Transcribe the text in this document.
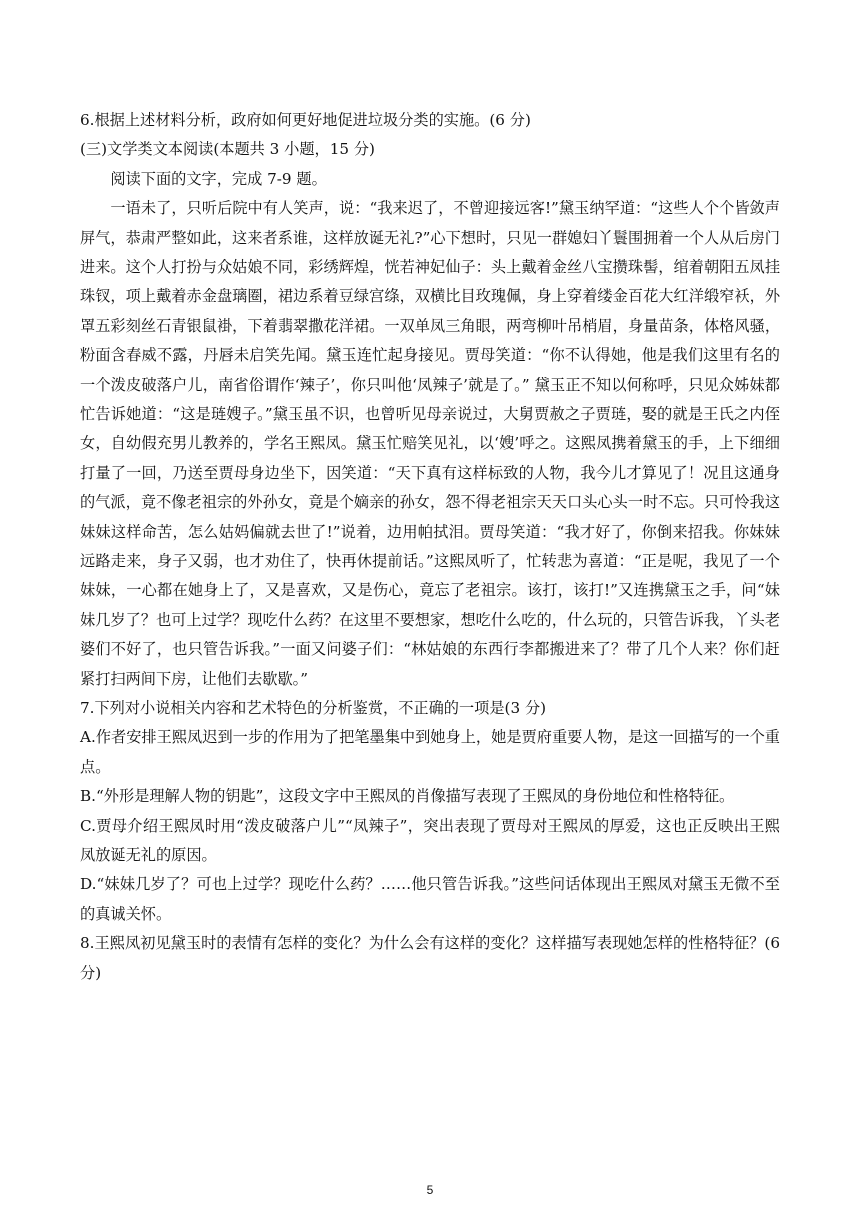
6.根据上述材料分析，政府如何更好地促进垃圾分类的实施。(6 分)
(三)文学类文本阅读(本题共 3 小题，15 分)
阅读下面的文字，完成 7-9 题。
一语未了，只听后院中有人笑声，说：“我来迟了，不曾迎接远客!”黛玉纳罕道：“这些人个个皆敛声屏气，恭肃严整如此，这来者系谁，这样放诞无礼?”心下想时，只见一群媳妇丫鬟围拥着一个人从后房门进来。这个人打扮与众姑娘不同，彩绣辉煌，恍若神妃仙子：头上戴着金丝八宝攒珠髻，绾着朝阳五凤挂珠钗，项上戴着赤金盘璃圈，裙边系着豆绿宫绦，双横比目玫瑰佩，身上穿着缕金百花大红洋缎窄袄，外罩五彩刻丝石青银鼠褂，下着翡翠撒花洋裙。一双单凤三角眼，两弯柳叶吊梢眉，身量苗条，体格风骚，粉面含春威不露，丹唇未启笑先闻。黛玉连忙起身接见。贾母笑道：“你不认得她，他是我们这里有名的一个泼皮破落户儿，南省俗谓作‘辣子’，你只叫他‘凤辣子’就是了。” 黛玉正不知以何称呼，只见众姊妹都忙告诉她道：“这是琏嫂子。”黛玉虽不识，也曾听见母亲说过，大舅贾赦之子贾琏，娶的就是王氏之内侄女，自幼假充男儿教养的，学名王熙凤。黛玉忙赔笑见礼，以‘嫂’呼之。这熙凤携着黛玉的手，上下细细打量了一回，乃送至贾母身边坐下，因笑道：“天下真有这样标致的人物，我今儿才算见了！况且这通身的气派，竟不像老祖宗的外孙女，竟是个嫡亲的孙女，怨不得老祖宗天天口头心头一时不忘。只可怜我这妹妹这样命苦，怎么姑妈偏就去世了!”说着，边用帕拭泪。贾母笑道：“我才好了，你倒来招我。你妹妹远路走来，身子又弱，也才劝住了，快再休提前话。”这熙凤听了，忙转悲为喜道：“正是呢，我见了一个妹妹，一心都在她身上了，又是喜欢，又是伤心，竟忘了老祖宗。该打，该打!”又连携黛玉之手，问“妹妹几岁了？也可上过学？现吃什么药？在这里不要想家，想吃什么吃的，什么玩的，只管告诉我，丫头老婆们不好了，也只管告诉我。”一面又问婆子们：“林姑娘的东西行李都搬进来了？带了几个人来？你们赶紧打扫两间下房，让他们去歇歇。”
7.下列对小说相关内容和艺术特色的分析鉴赏，不正确的一项是(3 分)
A.作者安排王熙凤迟到一步的作用为了把笔墨集中到她身上，她是贾府重要人物，是这一回描写的一个重点。
B.“外形是理解人物的钥匙”，这段文字中王熙凤的肖像描写表现了王熙凤的身份地位和性格特征。
C.贾母介绍王熙凤时用“泼皮破落户儿”“凤辣子”，突出表现了贾母对王熙凤的厚爱，这也正反映出王熙凤放诞无礼的原因。
D.“妹妹几岁了？可也上过学？现吃什么药？……他只管告诉我。”这些问话体现出王熙凤对黛玉无微不至的真诚关怀。
8.王熙凤初见黛玉时的表情有怎样的变化？为什么会有这样的变化？这样描写表现她怎样的性格特征？(6分)
5
